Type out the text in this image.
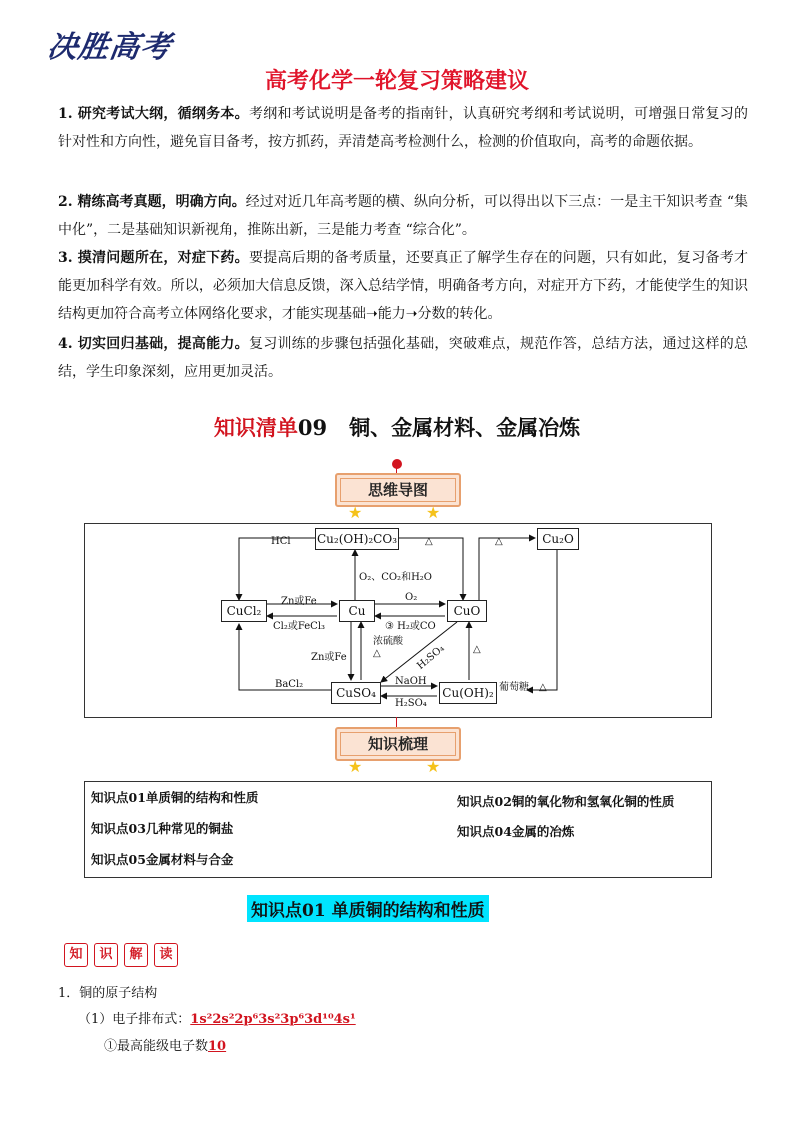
决胜高考
高考化学一轮复习策略建议
1. 研究考试大纲，循纲务本。考纲和考试说明是备考的指南针，认真研究考纲和考试说明，可增强日常复习的针对性和方向性，避免盲目备考，按方抓药，弄清楚高考检测什么，检测的价值取向，高考的命题依据。
2. 精练高考真题，明确方向。经过对近几年高考题的横、纵向分析，可以得出以下三点：一是主干知识考查 “集中化”，二是基础知识新视角，推陈出新，三是能力考查 “综合化”。
3. 摸清问题所在，对症下药。要提高后期的备考质量，还要真正了解学生存在的问题，只有如此，复习备考才能更加科学有效。所以，必须加大信息反馈，深入总结学情，明确备考方向，对症开方下药，才能使学生的知识结构更加符合高考立体网络化要求，才能实现基础➝能力➝分数的转化。
4. 切实回归基础，提高能力。复习训练的步骤包括强化基础，突破难点，规范作答，总结方法，通过这样的总结，学生印象深刻，应用更加灵活。
知识清单09 铜、金属材料、金属冶炼
思维导图
★	★
Cu₂(OH)₂CO₃	Cu₂O
CuCl₂	Cu	CuO
CuSO₄	Cu(OH)₂
HCl	△	△
O₂、CO₂和H₂O
Zn或Fe
Cl₂或FeCl₃
O₂
③ H₂或CO
浓硫酸
△
Zn或Fe	H₂SO₄	△
BaCl₂	NaOH
H₂SO₄
葡萄糖、△
知识梳理
★	★
知识点01单质铜的结构和性质	知识点02铜的氧化物和氢氧化铜的性质
知识点03几种常见的铜盐	知识点04金属的冶炼
知识点05金属材料与合金
知识点01 单质铜的结构和性质
知	识	解	读
1．铜的原子结构
（1）电子排布式：1s²2s²2p⁶3s²3p⁶3d¹⁰4s¹
①最高能级电子数10
